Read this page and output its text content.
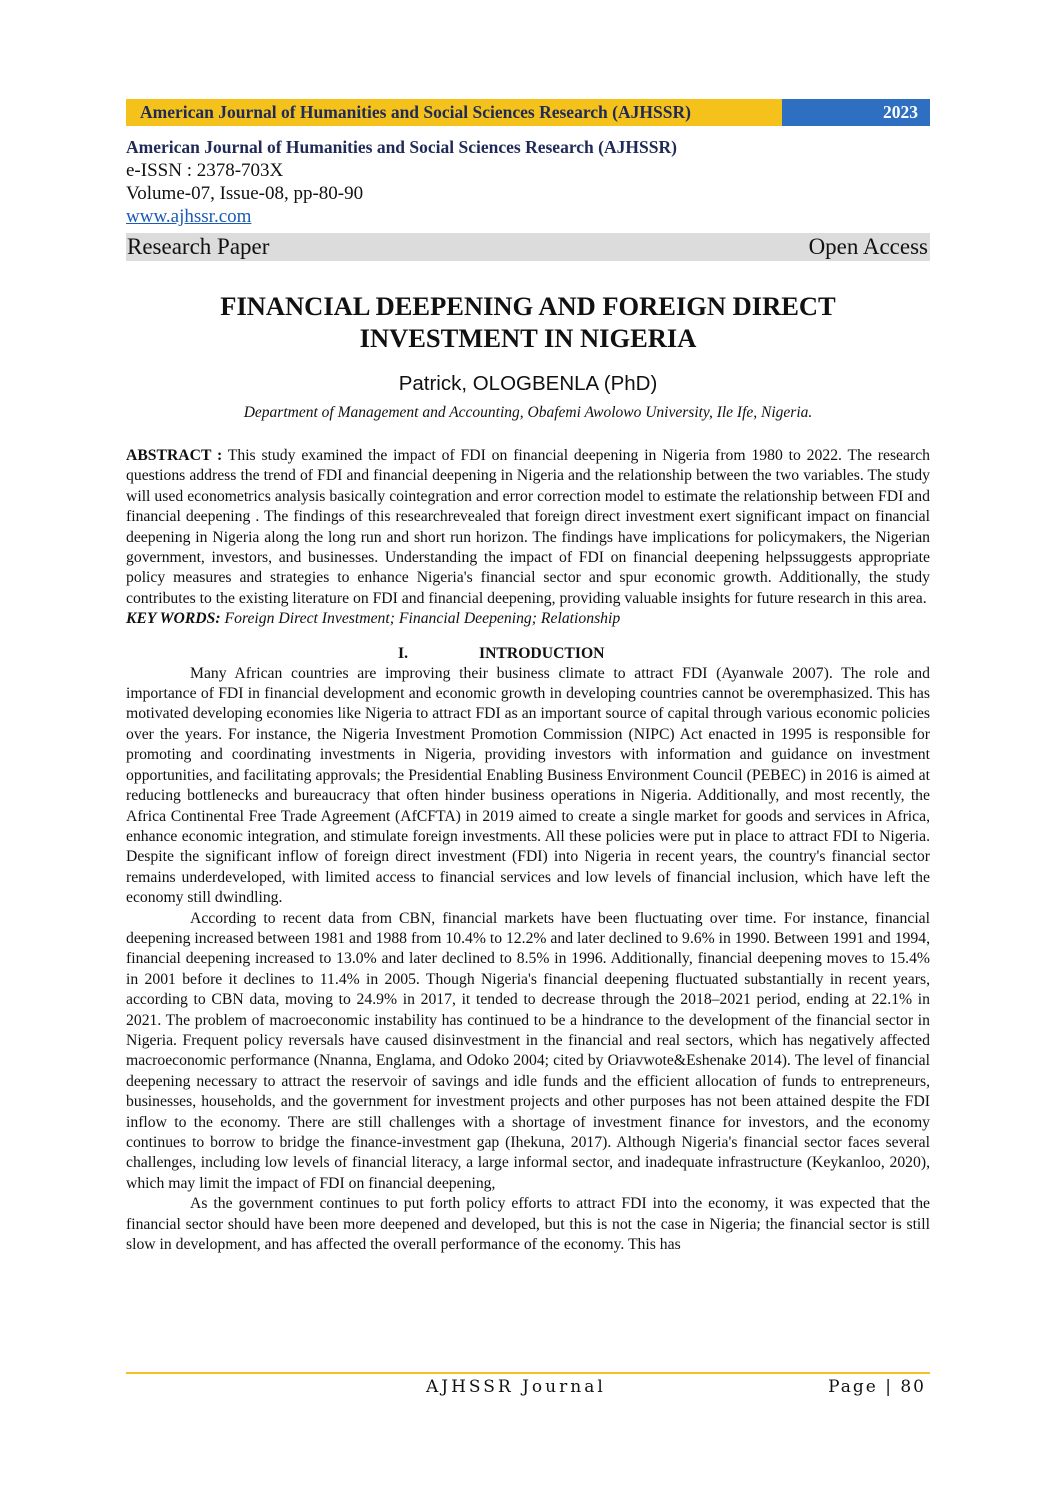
American Journal of Humanities and Social Sciences Research (AJHSSR)	2023
American Journal of Humanities and Social Sciences Research (AJHSSR)
e-ISSN : 2378-703X
Volume-07, Issue-08, pp-80-90
www.ajhssr.com
Research Paper	Open Access
FINANCIAL DEEPENING AND FOREIGN DIRECT
INVESTMENT IN NIGERIA
Patrick, OLOGBENLA (PhD)
Department of Management and Accounting, Obafemi Awolowo University, Ile Ife, Nigeria.

ABSTRACT : This study examined the impact of FDI on financial deepening in Nigeria from 1980 to 2022. The research questions address the trend of FDI and financial deepening in Nigeria and the relationship between the two variables. The study will used econometrics analysis basically cointegration and error correction model to estimate the relationship between FDI and financial deepening . The findings of this researchrevealed that foreign direct investment exert significant impact on financial deepening in Nigeria along the long run and short run horizon. The findings have implications for policymakers, the Nigerian government, investors, and businesses. Understanding the impact of FDI on financial deepening helpssuggests appropriate policy measures and strategies to enhance Nigeria's financial sector and spur economic growth. Additionally, the study contributes to the existing literature on FDI and financial deepening, providing valuable insights for future research in this area.

KEY WORDS: Foreign Direct Investment; Financial Deepening; Relationship

I.	INTRODUCTION

Many African countries are improving their business climate to attract FDI (Ayanwale 2007). The role and importance of FDI in financial development and economic growth in developing countries cannot be overemphasized. This has motivated developing economies like Nigeria to attract FDI as an important source of capital through various economic policies over the years. For instance, the Nigeria Investment Promotion Commission (NIPC) Act enacted in 1995 is responsible for promoting and coordinating investments in Nigeria, providing investors with information and guidance on investment opportunities, and facilitating approvals; the Presidential Enabling Business Environment Council (PEBEC) in 2016 is aimed at reducing bottlenecks and bureaucracy that often hinder business operations in Nigeria. Additionally, and most recently, the Africa Continental Free Trade Agreement (AfCFTA) in 2019 aimed to create a single market for goods and services in Africa, enhance economic integration, and stimulate foreign investments. All these policies were put in place to attract FDI to Nigeria. Despite the significant inflow of foreign direct investment (FDI) into Nigeria in recent years, the country's financial sector remains underdeveloped, with limited access to financial services and low levels of financial inclusion, which have left the economy still dwindling.

According to recent data from CBN, financial markets have been fluctuating over time. For instance, financial deepening increased between 1981 and 1988 from 10.4% to 12.2% and later declined to 9.6% in 1990. Between 1991 and 1994, financial deepening increased to 13.0% and later declined to 8.5% in 1996. Additionally, financial deepening moves to 15.4% in 2001 before it declines to 11.4% in 2005. Though Nigeria's financial deepening fluctuated substantially in recent years, according to CBN data, moving to 24.9% in 2017, it tended to decrease through the 2018–2021 period, ending at 22.1% in 2021. The problem of macroeconomic instability has continued to be a hindrance to the development of the financial sector in Nigeria. Frequent policy reversals have caused disinvestment in the financial and real sectors, which has negatively affected macroeconomic performance (Nnanna, Englama, and Odoko 2004; cited by Oriavwote&Eshenake 2014). The level of financial deepening necessary to attract the reservoir of savings and idle funds and the efficient allocation of funds to entrepreneurs, businesses, households, and the government for investment projects and other purposes has not been attained despite the FDI inflow to the economy. There are still challenges with a shortage of investment finance for investors, and the economy continues to borrow to bridge the finance-investment gap (Ihekuna, 2017). Although Nigeria's financial sector faces several challenges, including low levels of financial literacy, a large informal sector, and inadequate infrastructure (Keykanloo, 2020), which may limit the impact of FDI on financial deepening,

As the government continues to put forth policy efforts to attract FDI into the economy, it was expected that the financial sector should have been more deepened and developed, but this is not the case in Nigeria; the financial sector is still slow in development, and has affected the overall performance of the economy. This has

AJHSSR Journal	Page | 80
